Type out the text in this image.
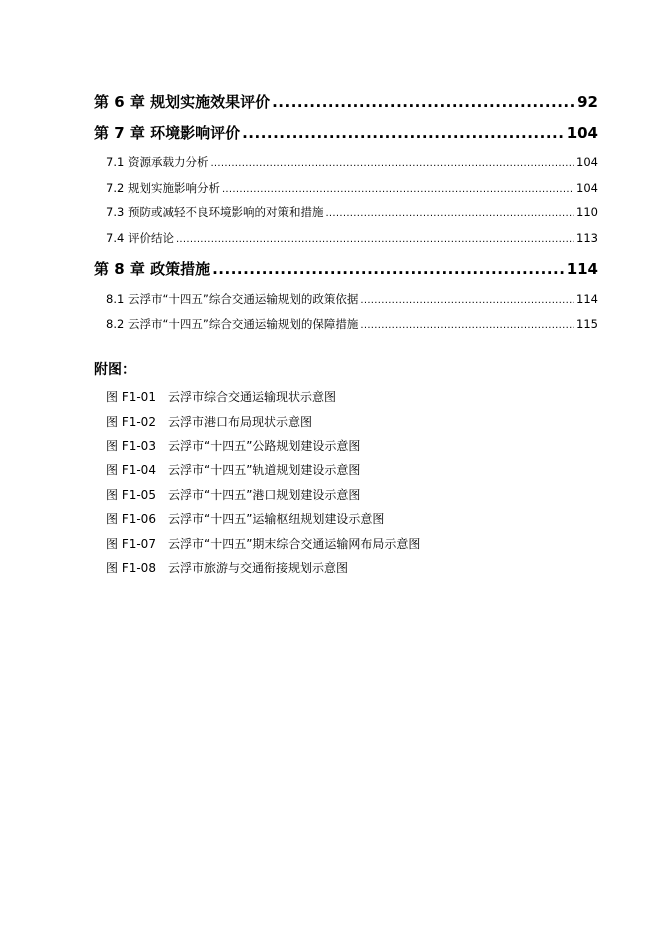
第 6 章 规划实施效果评价 .....	92
第 7 章 环境影响评价 .....	104
7.1 资源承载力分析 .....	104
7.2 规划实施影响分析 .....	104
7.3 预防或减轻不良环境影响的对策和措施 .....	110
7.4 评价结论 .....	113
第 8 章 政策措施 .....	114
8.1 云浮市“十四五”综合交通运输规划的政策依据 .....	114
8.2 云浮市“十四五”综合交通运输规划的保障措施 .....	115
附图：
图 F1-01 云浮市综合交通运输现状示意图
图 F1-02 云浮市港口布局现状示意图
图 F1-03 云浮市“十四五”公路规划建设示意图
图 F1-04 云浮市“十四五”轨道规划建设示意图
图 F1-05 云浮市“十四五”港口规划建设示意图
图 F1-06 云浮市“十四五”运输枢纽规划建设示意图
图 F1-07 云浮市“十四五”期末综合交通运输网布局示意图
图 F1-08 云浮市旅游与交通衔接规划示意图
